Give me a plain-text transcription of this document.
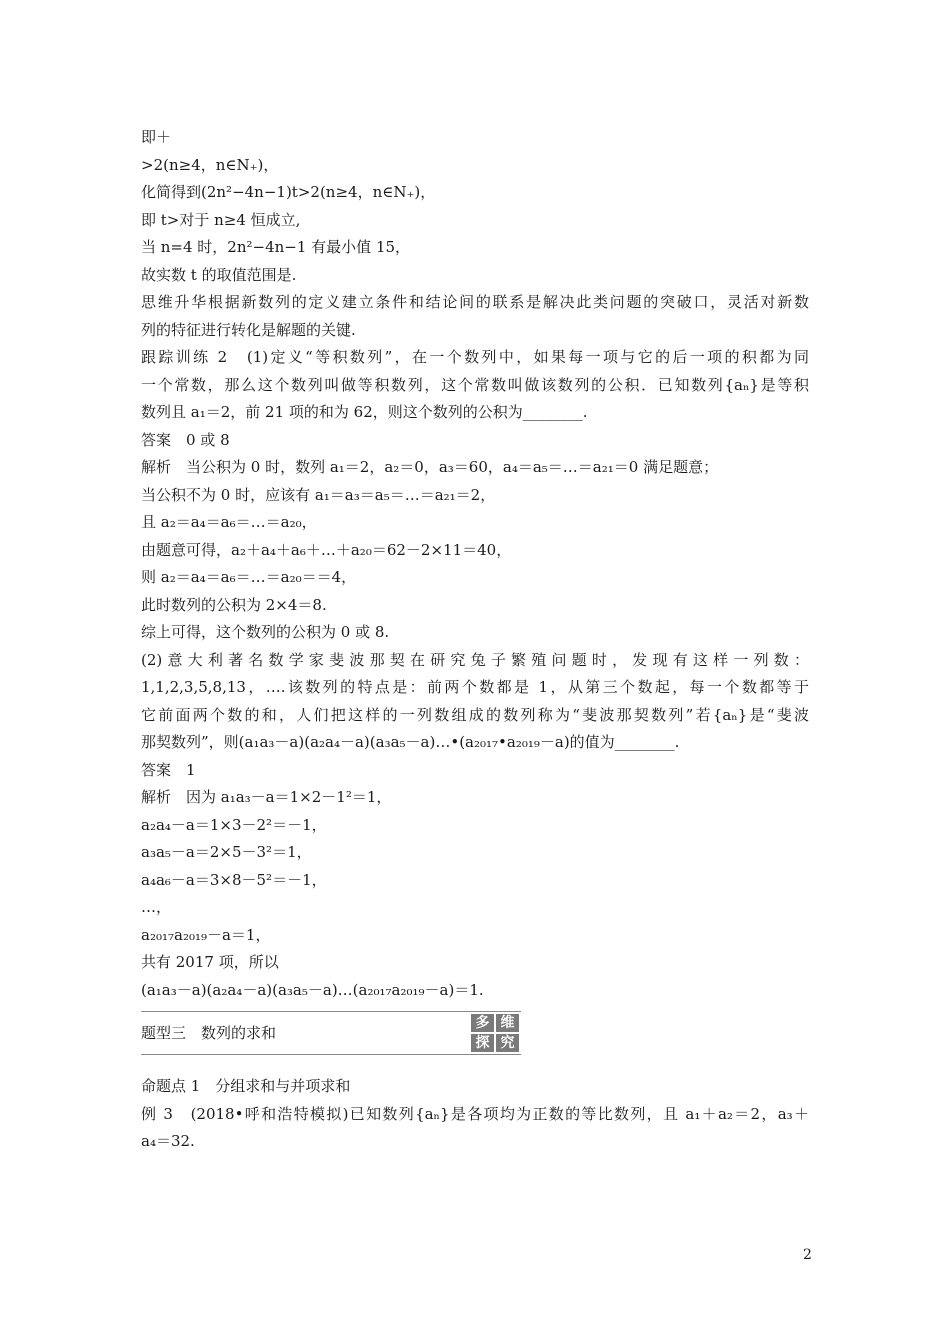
即＋
>2(n≥4，n∈N₊)，
化简得到(2n²−4n−1)t>2(n≥4，n∈N₊)，
即 t>对于 n≥4 恒成立,
当 n=4 时，2n²−4n−1 有最小值 15，
故实数 t 的取值范围是.
思维升华根据新数列的定义建立条件和结论间的联系是解决此类问题的突破口，灵活对新数
列的特征进行转化是解题的关键.
跟踪训练 2　(1)定义“等积数列”，在一个数列中，如果每一项与它的后一项的积都为同
一个常数，那么这个数列叫做等积数列，这个常数叫做该数列的公积．已知数列{aₙ}是等积
数列且 a₁＝2，前 21 项的和为 62，则这个数列的公积为________.
答案　0 或 8
解析　当公积为 0 时，数列 a₁＝2，a₂＝0，a₃＝60，a₄＝a₅＝…＝a₂₁＝0 满足题意；
当公积不为 0 时，应该有 a₁＝a₃＝a₅＝…＝a₂₁＝2，
且 a₂＝a₄＝a₆＝…＝a₂₀，
由题意可得，a₂＋a₄＋a₆＋…＋a₂₀＝62－2×11＝40，
则 a₂＝a₄＝a₆＝…＝a₂₀＝＝4，
此时数列的公积为 2×4＝8.
综上可得，这个数列的公积为 0 或 8.
(2)意大利著名数学家斐波那契在研究兔子繁殖问题时，发现有这样一列数：
1,1,2,3,5,8,13，….该数列的特点是：前两个数都是 1，从第三个数起，每一个数都等于
它前面两个数的和，人们把这样的一列数组成的数列称为“斐波那契数列”若{aₙ}是“斐波
那契数列”，则(a₁a₃－a)(a₂a₄－a)(a₃a₅－a)…•(a₂₀₁₇•a₂₀₁₉－a)的值为________.
答案　1
解析　因为 a₁a₃－a＝1×2－1²＝1，
a₂a₄－a＝1×3－2²＝－1，
a₃a₅－a＝2×5－3²＝1，
a₄a₆－a＝3×8－5²＝－1，
…，
a₂₀₁₇a₂₀₁₉－a＝1，
共有 2017 项，所以
(a₁a₃－a)(a₂a₄－a)(a₃a₅－a)…(a₂₀₁₇a₂₀₁₉－a)＝1.
题型三　数列的求和
多 维
探 究
命题点 1　分组求和与并项求和
例 3　(2018•呼和浩特模拟)已知数列{aₙ}是各项均为正数的等比数列，且 a₁＋a₂＝2，a₃＋
a₄＝32.
2
